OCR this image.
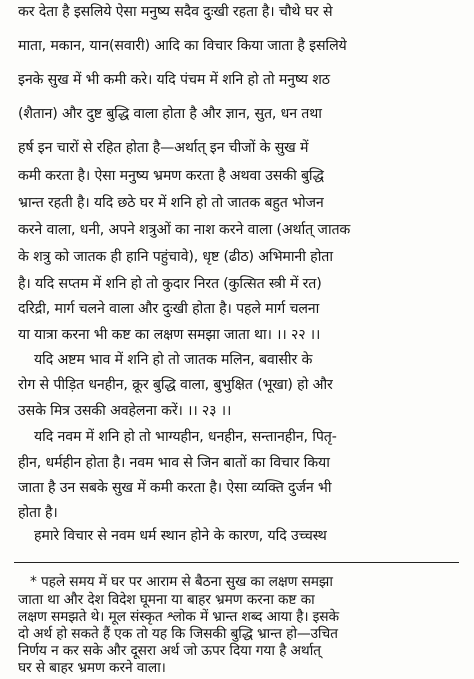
कर देता है इसलिये ऐसा मनुष्य सदैव दुःखी रहता है। चौथे घर से
माता, मकान, यान(सवारी) आदि का विचार किया जाता है इसलिये
इनके सुख में भी कमी करे। यदि पंचम में शनि हो तो मनुष्य शठ
(शैतान) और दुष्ट बुद्धि वाला होता है और ज्ञान, सुत, धन तथा
हर्ष इन चारों से रहित होता है—अर्थात् इन चीजों के सुख में
कमी करता है। ऐसा मनुष्य भ्रमण करता है अथवा उसकी बुद्धि
भ्रान्त रहती है। यदि छठे घर में शनि हो तो जातक बहुत भोजन
करने वाला, धनी, अपने शत्रुओं का नाश करने वाला (अर्थात् जातक
के शत्रु को जातक ही हानि पहुंचावे), धृष्ट (ढीठ) अभिमानी होता
है। यदि सप्तम में शनि हो तो कुदार निरत (कुत्सित स्त्री में रत)
दरिद्री, मार्ग चलने वाला और दुःखी होता है। पहले मार्ग चलना
या यात्रा करना भी कष्ट का लक्षण समझा जाता था। ।। २२ ।।
यदि अष्टम भाव में शनि हो तो जातक मलिन, बवासीर के
रोग से पीड़ित धनहीन, क्रूर बुद्धि वाला, बुभुक्षित (भूखा) हो और
उसके मित्र उसकी अवहेलना करें। ।। २३ ।।
यदि नवम में शनि हो तो भाग्यहीन, धनहीन, सन्तानहीन, पितृ-
हीन, धर्महीन होता है। नवम भाव से जिन बातों का विचार किया
जाता है उन सबके सुख में कमी करता है। ऐसा व्यक्ति दुर्जन भी
होता है।
हमारे विचार से नवम धर्म स्थान होने के कारण, यदि उच्चस्थ
* पहले समय में घर पर आराम से बैठना सुख का लक्षण समझा
जाता था और देश विदेश घूमना या बाहर भ्रमण करना कष्ट का
लक्षण समझते थे। मूल संस्कृत श्लोक में भ्रान्त शब्द आया है। इसके
दो अर्थ हो सकते हैं एक तो यह कि जिसकी बुद्धि भ्रान्त हो—उचित
निर्णय न कर सके और दूसरा अर्थ जो ऊपर दिया गया है अर्थात्
घर से बाहर भ्रमण करने वाला।
